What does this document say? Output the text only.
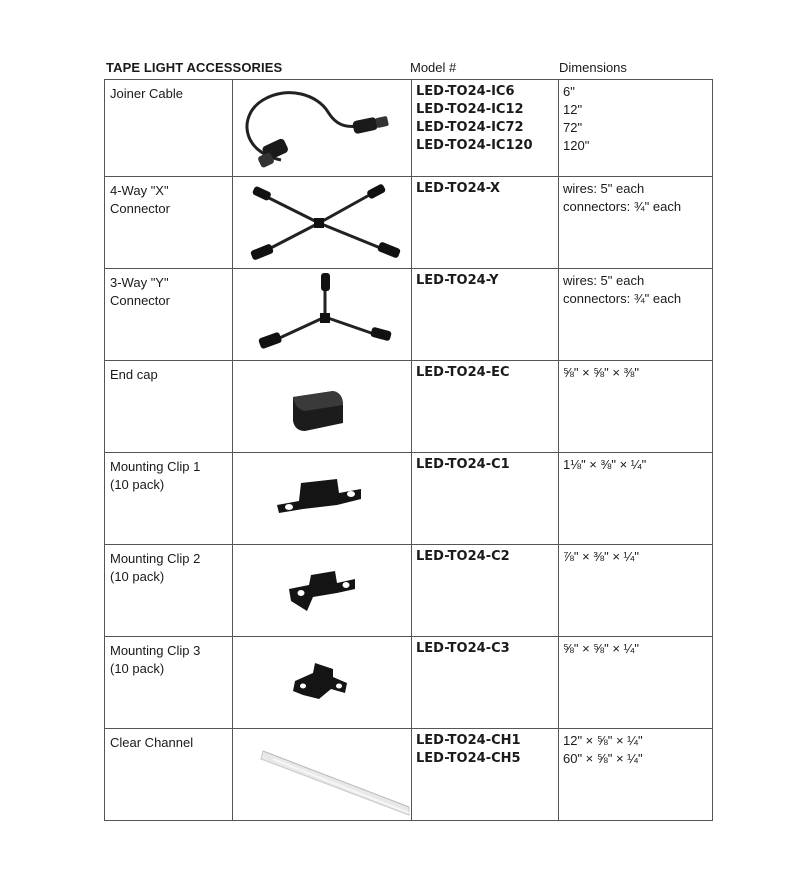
TAPE LIGHT ACCESSORIES	Model #	Dimensions
Joiner Cable		LED-TO24-IC6
LED-TO24-IC12
LED-TO24-IC72
LED-TO24-IC120	6"
12"
72"
120"

4-Way "X"
Connector		LED-TO24-X	wires: 5" each
connectors: ¾" each

3-Way "Y"
Connector		LED-TO24-Y	wires: 5" each
connectors: ¾" each

End cap		LED-TO24-EC	⅝" × ⅝" × ⅜"

Mounting Clip 1
(10 pack)		LED-TO24-C1	1⅛" × ⅜" × ¼"

Mounting Clip 2
(10 pack)		LED-TO24-C2	⅞" × ⅜" × ¼"

Mounting Clip 3
(10 pack)		LED-TO24-C3	⅝" × ⅝" × ¼"

Clear Channel		LED-TO24-CH1
LED-TO24-CH5	12" × ⅝" × ¼"
60" × ⅝" × ¼"
